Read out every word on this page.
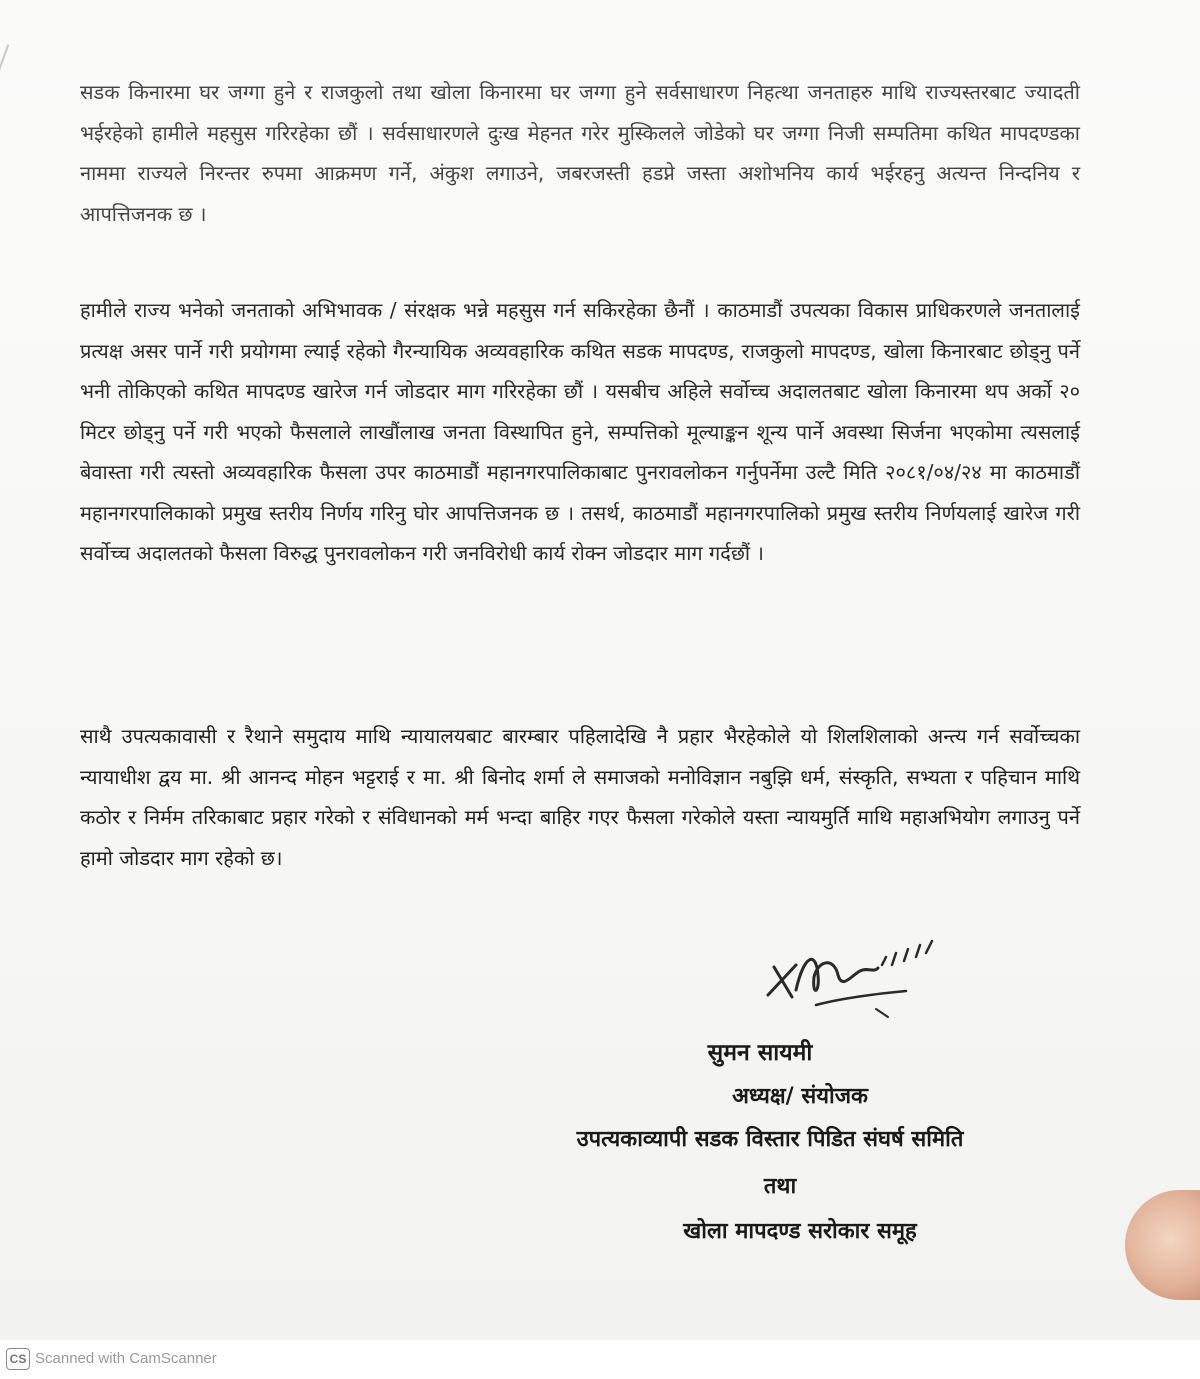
सडक किनारमा घर जग्गा हुने र राजकुलो तथा खोला किनारमा घर जग्गा हुने सर्वसाधारण निहत्था जनताहरु माथि राज्यस्तरबाट ज्यादती भईरहेको हामीले महसुस गरिरहेका छौं । सर्वसाधारणले दुःख मेहनत गरेर मुस्किलले जोडेको घर जग्गा निजी सम्पतिमा कथित मापदण्डका नाममा राज्यले निरन्तर रुपमा आक्रमण गर्ने, अंकुश लगाउने, जबरजस्ती हडप्ने जस्ता अशोभनिय कार्य भईरहनु अत्यन्त निन्दनिय र आपत्तिजनक छ ।

हामीले राज्य भनेको जनताको अभिभावक / संरक्षक भन्ने महसुस गर्न सकिरहेका छैनौं । काठमाडौं उपत्यका विकास प्राधिकरणले जनतालाई प्रत्यक्ष असर पार्ने गरी प्रयोगमा ल्याई रहेको गैरन्यायिक अव्यवहारिक कथित सडक मापदण्ड, राजकुलो मापदण्ड, खोला किनारबाट छोड्नु पर्ने भनी तोकिएको कथित मापदण्ड खारेज गर्न जोडदार माग गरिरहेका छौं । यसबीच अहिले सर्वोच्च अदालतबाट खोला किनारमा थप अर्को २० मिटर छोड्नु पर्ने गरी भएको फैसलाले लाखौंलाख जनता विस्थापित हुने, सम्पत्तिको मूल्याङ्कन शून्य पार्ने अवस्था सिर्जना भएकोमा त्यसलाई बेवास्ता गरी त्यस्तो अव्यवहारिक फैसला उपर काठमाडौं महानगरपालिकाबाट पुनरावलोकन गर्नुपर्नेमा उल्टै मिति २०८१/०४/२४ मा काठमाडौं महानगरपालिकाको प्रमुख स्तरीय निर्णय गरिनु घोर आपत्तिजनक छ । तसर्थ, काठमाडौं महानगरपालिको प्रमुख स्तरीय निर्णयलाई खारेज गरी सर्वोच्च अदालतको फैसला विरुद्ध पुनरावलोकन गरी जनविरोधी कार्य रोक्न जोडदार माग गर्दछौं ।

साथै उपत्यकावासी र रैथाने समुदाय माथि न्यायालयबाट बारम्बार पहिलादेखि नै प्रहार भैरहेकोले यो शिलशिलाको अन्त्य गर्न सर्वोच्चका न्यायाधीश द्वय मा. श्री आनन्द मोहन भट्टराई र मा. श्री बिनोद शर्मा ले समाजको मनोविज्ञान नबुझि धर्म, संस्कृति, सभ्यता र पहिचान माथि कठोर र निर्मम तरिकाबाट प्रहार गरेको र संविधानको मर्म भन्दा बाहिर गएर फैसला गरेकोले यस्ता न्यायमुर्ति माथि महाअभियोग लगाउनु पर्ने हामो जोडदार माग रहेको छ।

सुमन सायमी

अध्यक्ष/ संयोजक

उपत्यकाव्यापी सडक विस्तार पिडित संघर्ष समिति

तथा

खोला मापदण्ड सरोकार समूह

CS Scanned with CamScanner
